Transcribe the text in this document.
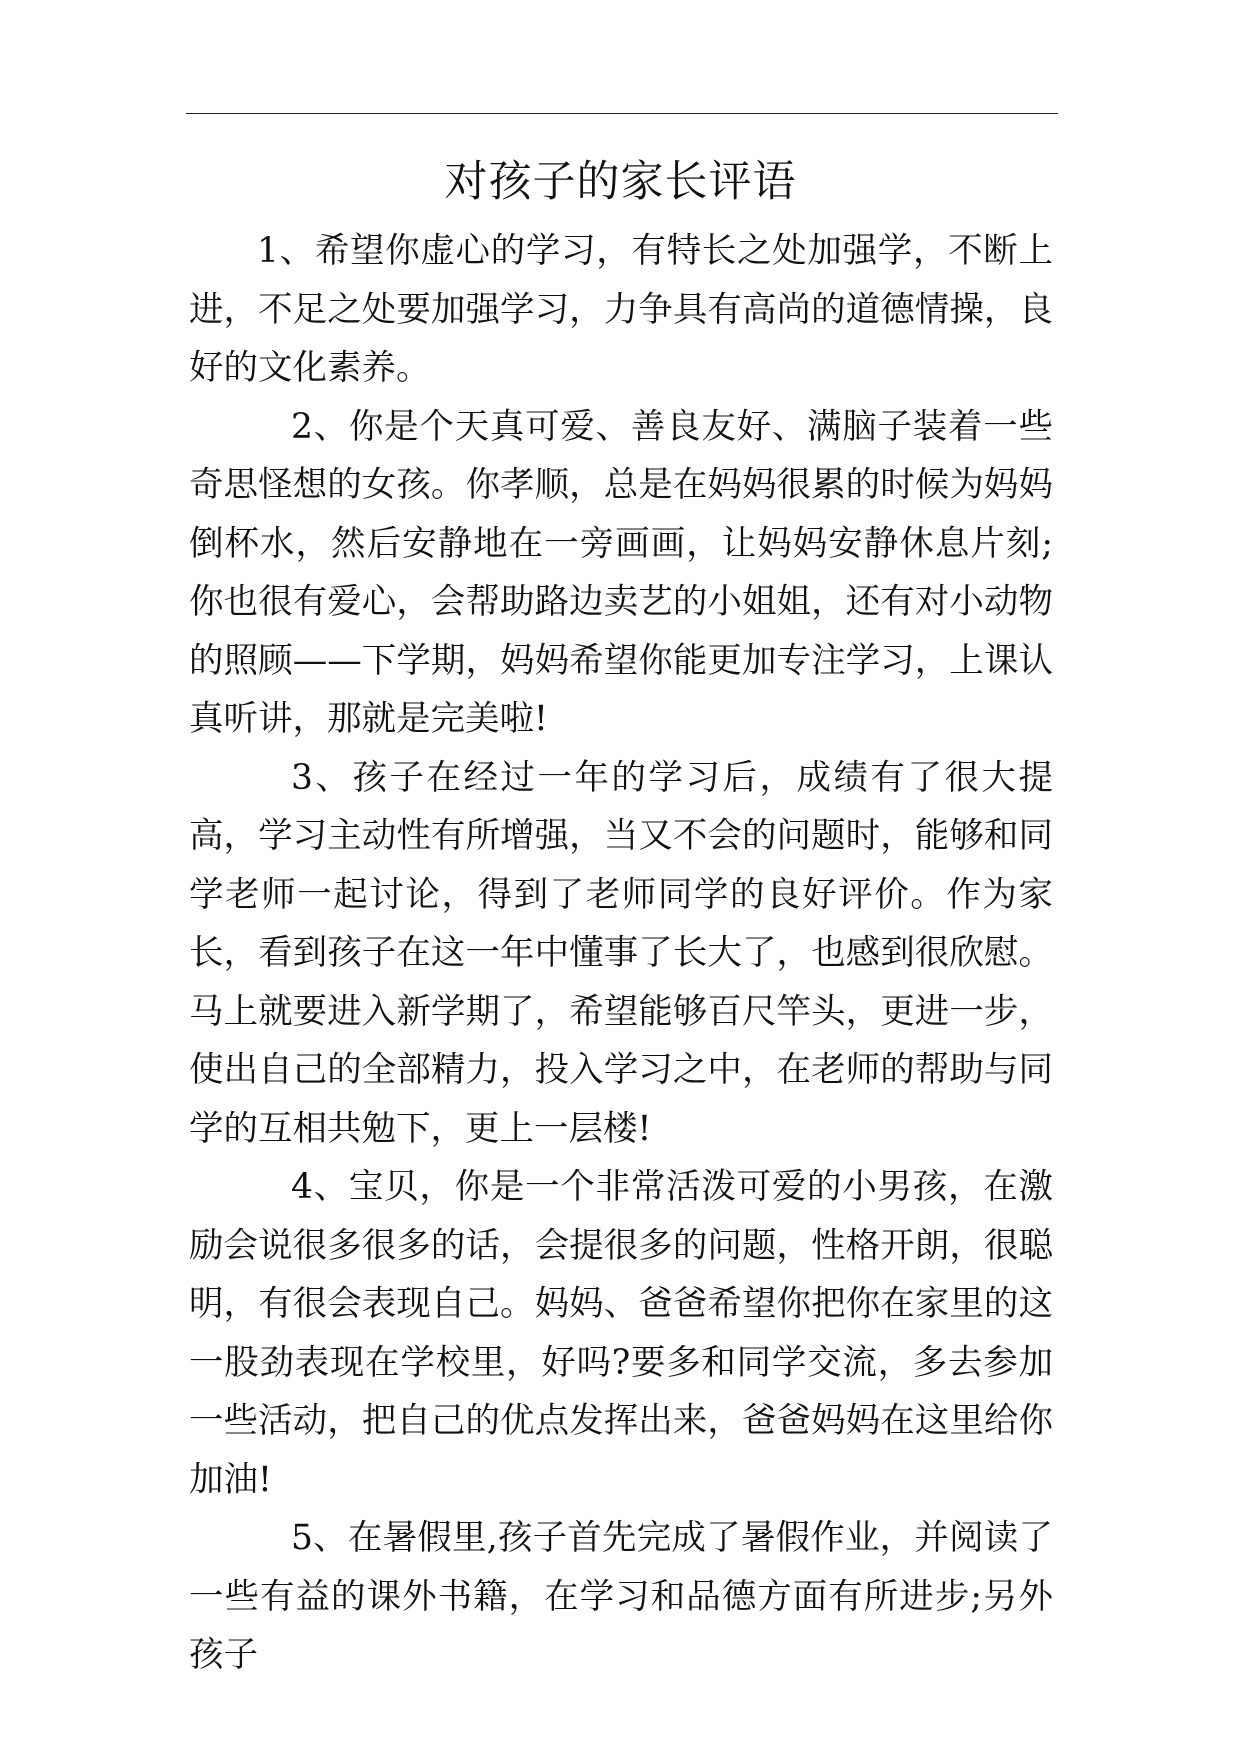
对孩子的家长评语

1、希望你虚心的学习，有特长之处加强学，不断上进，不足之处要加强学习，力争具有高尚的道德情操，良好的文化素养。

2、你是个天真可爱、善良友好、满脑子装着一些奇思怪想的女孩。你孝顺，总是在妈妈很累的时候为妈妈倒杯水，然后安静地在一旁画画，让妈妈安静休息片刻;你也很有爱心，会帮助路边卖艺的小姐姐，还有对小动物的照顾——下学期，妈妈希望你能更加专注学习，上课认真听讲，那就是完美啦!

3、孩子在经过一年的学习后，成绩有了很大提高，学习主动性有所增强，当又不会的问题时，能够和同学老师一起讨论，得到了老师同学的良好评价。作为家长，看到孩子在这一年中懂事了长大了，也感到很欣慰。马上就要进入新学期了，希望能够百尺竿头，更进一步，使出自己的全部精力，投入学习之中，在老师的帮助与同学的互相共勉下，更上一层楼!

4、宝贝，你是一个非常活泼可爱的小男孩，在激励会说很多很多的话，会提很多的问题，性格开朗，很聪明，有很会表现自己。妈妈、爸爸希望你把你在家里的这一股劲表现在学校里，好吗?要多和同学交流，多去参加一些活动，把自己的优点发挥出来，爸爸妈妈在这里给你加油!

5、在暑假里,孩子首先完成了暑假作业，并阅读了一些有益的课外书籍，在学习和品德方面有所进步;另外孩子
